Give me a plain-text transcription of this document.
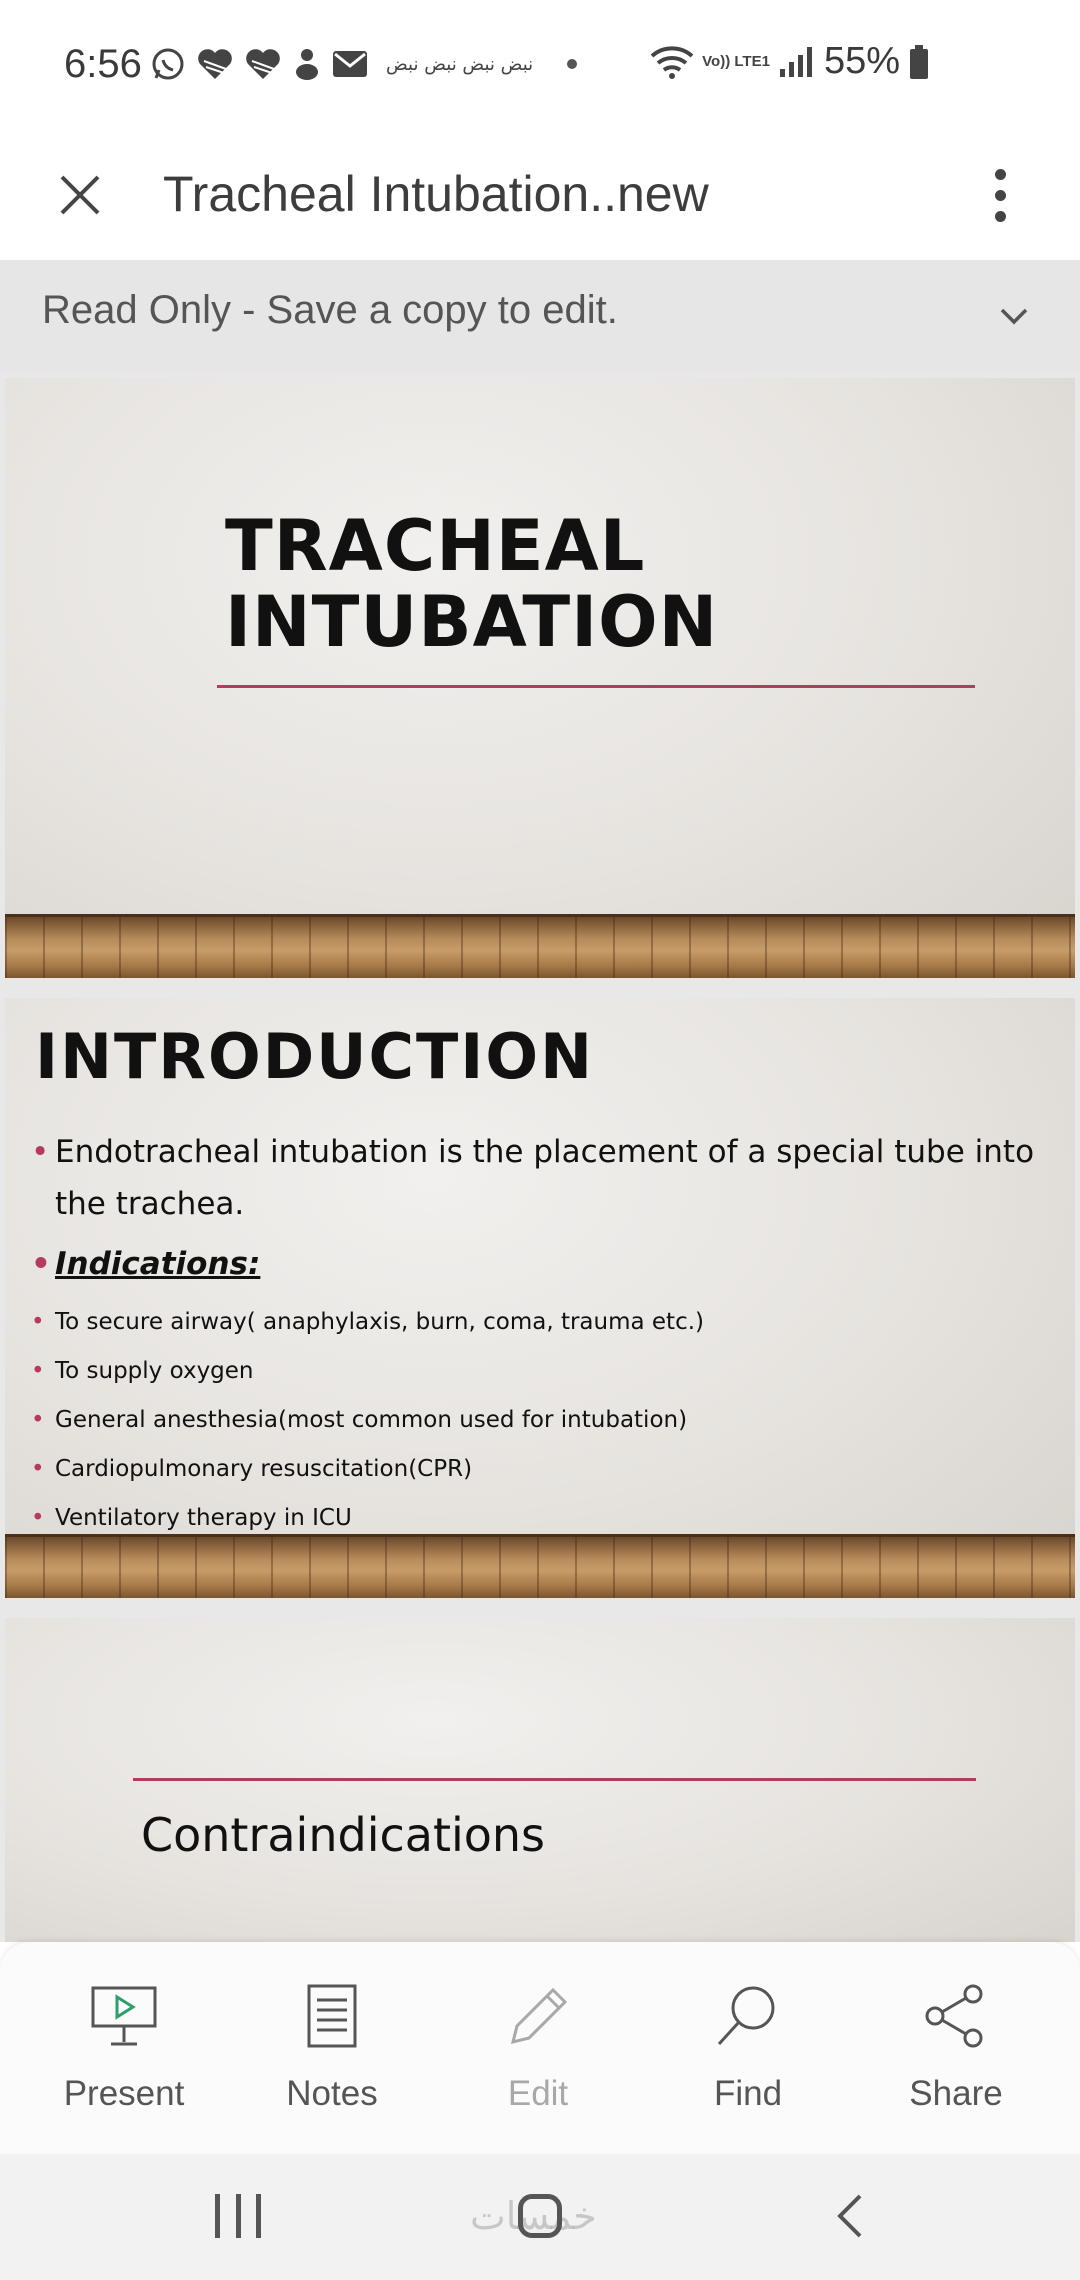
6:56	نبض نبض نبض نبض	Vo)) LTE1 55%
Tracheal Intubation..new
Read Only - Save a copy to edit.
TRACHEAL
INTUBATION
INTRODUCTION
• Endotracheal intubation is the placement of a special tube into the trachea.
• Indications:
• To secure airway( anaphylaxis, burn, coma, trauma etc.)
• To supply oxygen
• General anesthesia(most common used for intubation)
• Cardiopulmonary resuscitation(CPR)
• Ventilatory therapy in ICU
Contraindications
Present	Notes	Edit	Find	Share
خمسات
